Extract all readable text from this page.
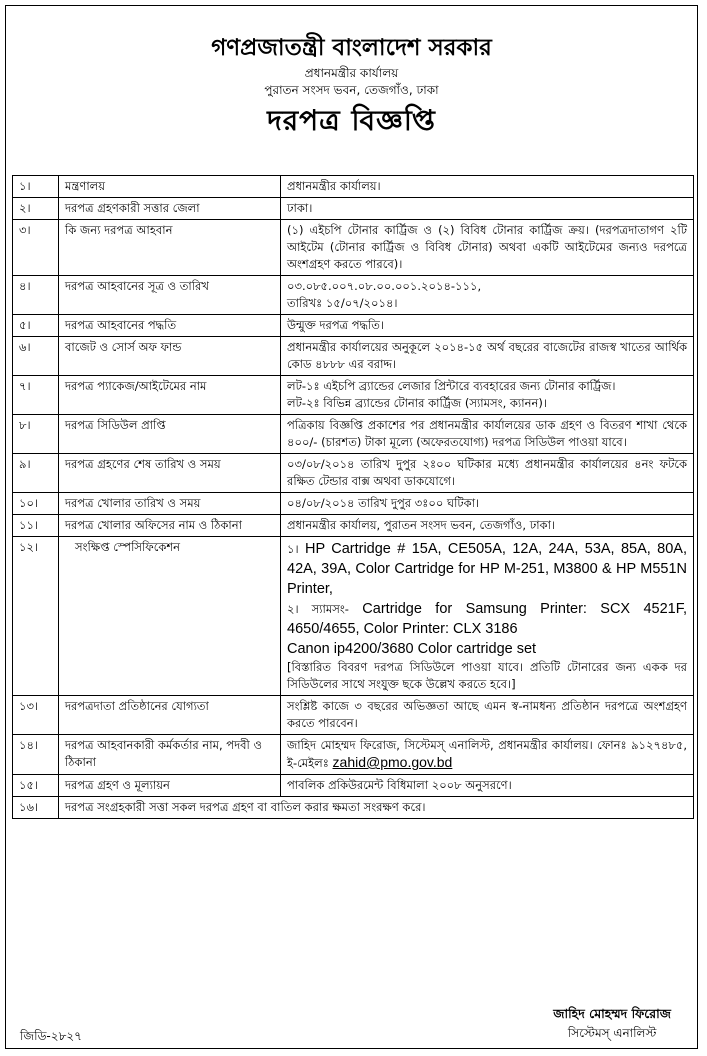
গণপ্রজাতন্ত্রী বাংলাদেশ সরকার
প্রধানমন্ত্রীর কার্যালয়
পুরাতন সংসদ ভবন, তেজগাঁও, ঢাকা
দরপত্র বিজ্ঞপ্তি
১।	মন্ত্রণালয়	প্রধানমন্ত্রীর কার্যালয়।

২।	দরপত্র গ্রহণকারী সত্তার জেলা	ঢাকা।

৩।	কি জন্য দরপত্র আহবান	(১) এইচপি টোনার কার্ট্রিজ ও (২) বিবিধ টোনার কার্ট্রিজ ক্রয়। (দরপত্রদাতাগণ ২টি আইটেম (টোনার কার্ট্রিজ ও বিবিধ টোনার) অথবা একটি আইটেমের জন্যও দরপত্রে অংশগ্রহণ করতে পারবে)।

৪।	দরপত্র আহবানের সূত্র ও তারিখ	০৩.০৮৫.০০৭.০৮.০০.০০১.২০১৪-১১১,
তারিখঃ ১৫/০৭/২০১৪।

৫।	দরপত্র আহবানের পদ্ধতি	উন্মুক্ত দরপত্র পদ্ধতি।

৬।	বাজেট ও সোর্স অফ ফান্ড	প্রধানমন্ত্রীর কার্যালয়ের অনুকূলে ২০১৪-১৫ অর্থ বছরের বাজেটের রাজস্ব খাতের আর্থিক কোড ৪৮৮৮ এর বরাদ্দ।

৭।	দরপত্র প্যাকেজ/আইটেমের নাম	লট-১ঃ এইচপি ব্র্যান্ডের লেজার প্রিন্টারে ব্যবহারের জন্য টোনার কার্ট্রিজ।
লট-২ঃ বিভিন্ন ব্র্যান্ডের টোনার কার্ট্রিজ (স্যামসং, ক্যানন)।

৮।	দরপত্র সিডিউল প্রাপ্তি	পত্রিকায় বিজ্ঞপ্তি প্রকাশের পর প্রধানমন্ত্রীর কার্যালয়ের ডাক গ্রহণ ও বিতরণ শাখা থেকে ৪০০/- (চারশত) টাকা মূল্যে (অফেরতযোগ্য) দরপত্র সিডিউল পাওয়া যাবে।

৯।	দরপত্র গ্রহণের শেষ তারিখ ও সময়	০৩/০৮/২০১৪ তারিখ দুপুর ২ঃ০০ ঘটিকার মধ্যে প্রধানমন্ত্রীর কার্যালয়ের ৪নং ফটকে রক্ষিত টেন্ডার বাক্স অথবা ডাকযোগে।

১০।	দরপত্র খোলার তারিখ ও সময়	০৪/০৮/২০১৪ তারিখ দুপুর ৩ঃ০০ ঘটিকা।

১১।	দরপত্র খোলার অফিসের নাম ও ঠিকানা	প্রধানমন্ত্রীর কার্যালয়, পুরাতন সংসদ ভবন, তেজগাঁও, ঢাকা।

১২।	সংক্ষিপ্ত স্পেসিফিকেশন	১। HP Cartridge # 15A, CE505A, 12A, 24A, 53A, 85A, 80A, 42A, 39A, Color Cartridge for HP M-251, M3800 & HP M551N Printer,
২। স্যামসং- Cartridge for Samsung Printer: SCX 4521F, 4650/4655, Color Printer: CLX 3186
Canon ip4200/3680 Color cartridge set
[বিস্তারিত বিবরণ দরপত্র সিডিউলে পাওয়া যাবে। প্রতিটি টোনারের জন্য একক দর সিডিউলের সাথে সংযুক্ত ছকে উল্লেখ করতে হবে।]

১৩।	দরপত্রদাতা প্রতিষ্ঠানের যোগ্যতা	সংশ্লিষ্ট কাজে ৩ বছরের অভিজ্ঞতা আছে এমন স্ব-নামধন্য প্রতিষ্ঠান দরপত্রে অংশগ্রহণ করতে পারবেন।

১৪।	দরপত্র আহবানকারী কর্মকর্তার নাম, পদবী ও ঠিকানা	জাহিদ মোহম্মদ ফিরোজ, সিস্টেমস্ এনালিস্ট, প্রধানমন্ত্রীর কার্যালয়। ফোনঃ ৯১২৭৪৮৫, ই-মেইলঃ zahid@pmo.gov.bd
১৫।	দরপত্র গ্রহণ ও মূল্যায়ন	পাবলিক প্রকিউরমেন্ট বিধিমালা ২০০৮ অনুসরণে।

১৬।	দরপত্র সংগ্রহকারী সত্তা সকল দরপত্র গ্রহণ বা বাতিল করার ক্ষমতা সংরক্ষণ করে।	
জাহিদ মোহম্মদ ফিরোজ
সিস্টেমস্ এনালিস্ট
জিডি-২৮২৭
